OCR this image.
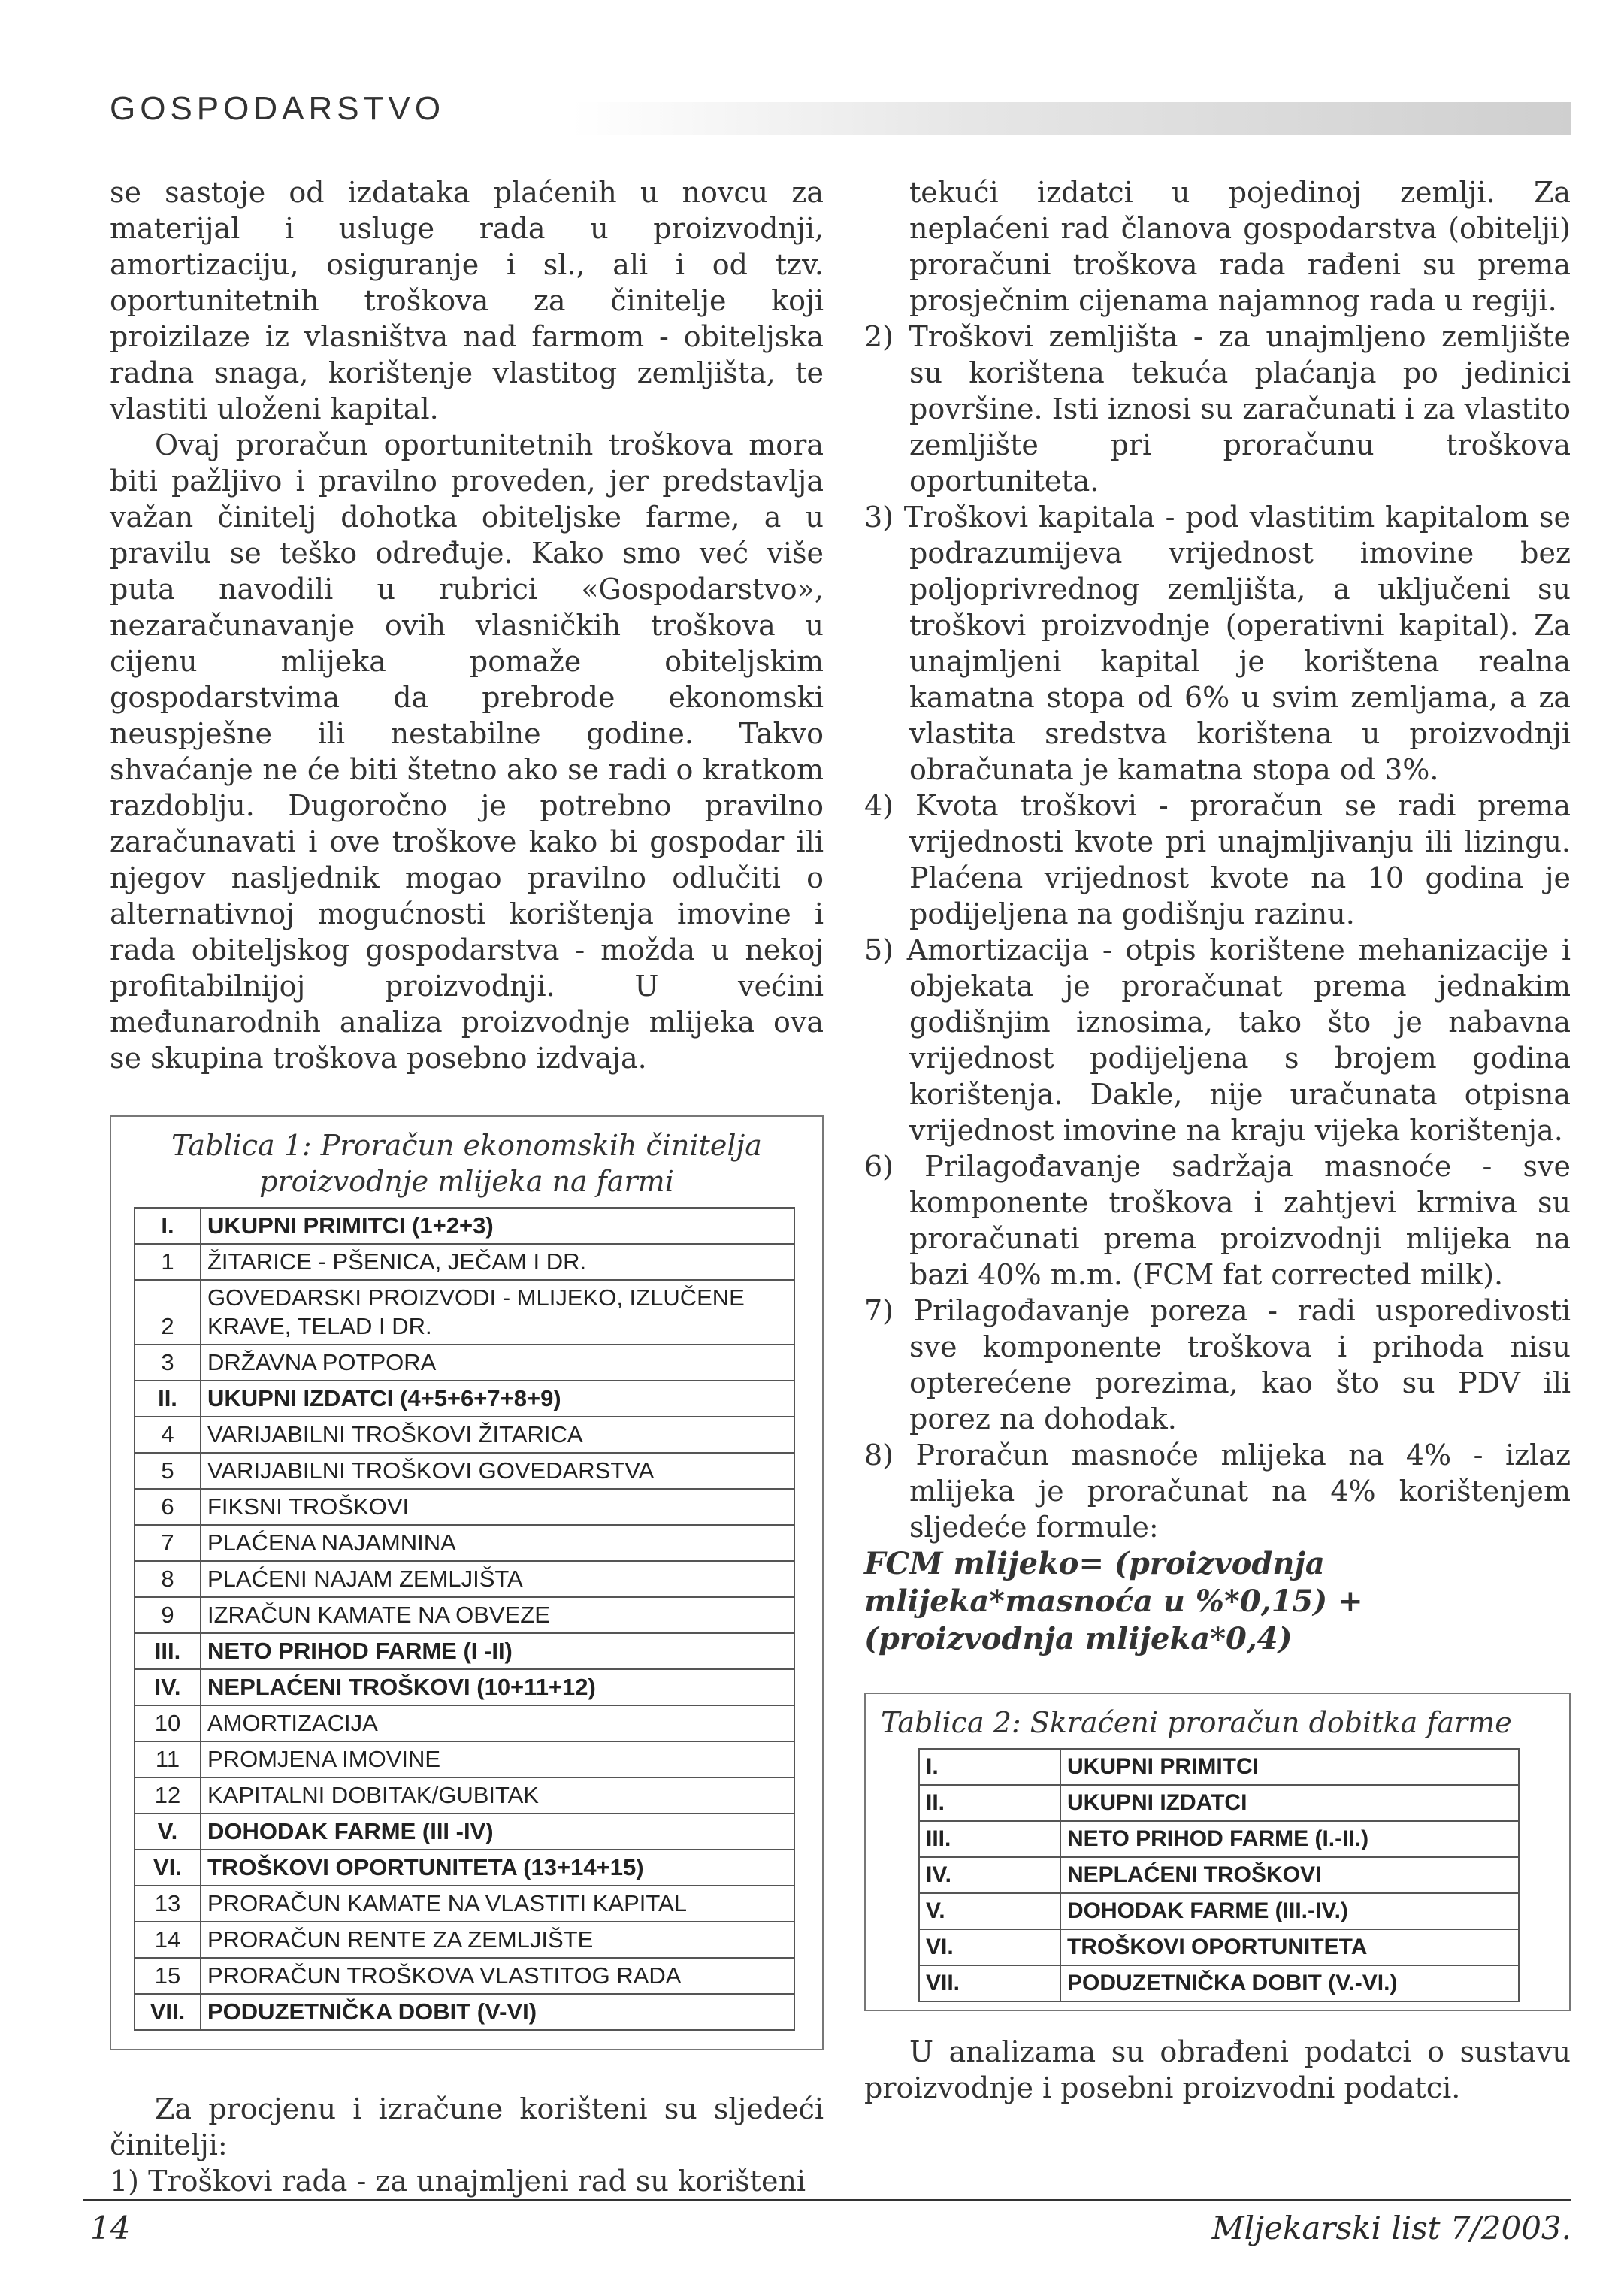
GOSPODARSTVO

se sastoje od izdataka plaćenih u novcu za materijal i usluge rada u proizvodnji, amortizaciju, osiguranje i sl., ali i od tzv. oportunitetnih troškova za činitelje koji proizilaze iz vlasništva nad farmom - obiteljska radna snaga, korištenje vlastitog zemljišta, te vlastiti uloženi kapital.

Ovaj proračun oportunitetnih troškova mora biti pažljivo i pravilno proveden, jer predstavlja važan činitelj dohotka obiteljske farme, a u pravilu se teško određuje. Kako smo već više puta navodili u rubrici «Gospodarstvo», nezaračunavanje ovih vlasničkih troškova u cijenu mlijeka pomaže obiteljskim gospodarstvima da prebrode ekonomski neuspješne ili nestabilne godine. Takvo shvaćanje ne će biti štetno ako se radi o kratkom razdoblju. Dugoročno je potrebno pravilno zaračunavati i ove troškove kako bi gospodar ili njegov nasljednik mogao pravilno odlučiti o alternativnoj mogućnosti korištenja imovine i rada obiteljskog gospodarstva - možda u nekoj profitabilnijoj proizvodnji. U većini međunarodnih analiza proizvodnje mlijeka ova se skupina troškova posebno izdvaja.

Tablica 1: Proračun ekonomskih činitelja proizvodnje mlijeka na farmi
I.	UKUPNI PRIMITCI (1+2+3)
1	ŽITARICE - PŠENICA, JEČAM I DR.
2	GOVEDARSKI PROIZVODI - MLIJEKO, IZLUČENE KRAVE, TELAD I DR.
3	DRŽAVNA POTPORA
II.	UKUPNI IZDATCI (4+5+6+7+8+9)
4	VARIJABILNI TROŠKOVI ŽITARICA
5	VARIJABILNI TROŠKOVI GOVEDARSTVA
6	FIKSNI TROŠKOVI
7	PLAĆENA NAJAMNINA
8	PLAĆENI NAJAM ZEMLJIŠTA
9	IZRAČUN KAMATE NA OBVEZE
III.	NETO PRIHOD FARME (I -II)
IV.	NEPLAĆENI TROŠKOVI (10+11+12)
10	AMORTIZACIJA
11	PROMJENA IMOVINE
12	KAPITALNI DOBITAK/GUBITAK
V.	DOHODAK FARME (III -IV)
VI.	TROŠKOVI OPORTUNITETA (13+14+15)
13	PRORAČUN KAMATE NA VLASTITI KAPITAL
14	PRORAČUN RENTE ZA ZEMLJIŠTE
15	PRORAČUN TROŠKOVA VLASTITOG RADA
VII.	PODUZETNIČKA DOBIT (V-VI)

Za procjenu i izračune korišteni su sljedeći činitelji:

1) Troškovi rada - za unajmljeni rad su korišteni

tekući izdatci u pojedinoj zemlji. Za neplaćeni rad članova gospodarstva (obitelji) proračuni troškova rada rađeni su prema prosječnim cijenama najamnog rada u regiji.

2) Troškovi zemljišta - za unajmljeno zemljište su korištena tekuća plaćanja po jedinici površine. Isti iznosi su zaračunati i za vlastito zemljište pri proračunu troškova oportuniteta.

3) Troškovi kapitala - pod vlastitim kapitalom se podrazumijeva vrijednost imovine bez poljoprivrednog zemljišta, a uključeni su troškovi proizvodnje (operativni kapital). Za unajmljeni kapital je korištena realna kamatna stopa od 6% u svim zemljama, a za vlastita sredstva korištena u proizvodnji obračunata je kamatna stopa od 3%.

4) Kvota troškovi - proračun se radi prema vrijednosti kvote pri unajmljivanju ili lizingu. Plaćena vrijednost kvote na 10 godina je podijeljena na godišnju razinu.

5) Amortizacija - otpis korištene mehanizacije i objekata je proračunat prema jednakim godišnjim iznosima, tako što je nabavna vrijednost podijeljena s brojem godina korištenja. Dakle, nije uračunata otpisna vrijednost imovine na kraju vijeka korištenja.

6) Prilagođavanje sadržaja masnoće - sve komponente troškova i zahtjevi krmiva su proračunati prema proizvodnji mlijeka na bazi 40% m.m. (FCM fat corrected milk).

7) Prilagođavanje poreza - radi usporedivosti sve komponente troškova i prihoda nisu opterećene porezima, kao što su PDV ili porez na dohodak.

8) Proračun masnoće mlijeka na 4% - izlaz mlijeka je proračunat na 4% korištenjem sljedeće formule:

FCM mlijeko= (proizvodnja mlijeka*masnoća u %*0,15) + (proizvodnja mlijeka*0,4)

Tablica 2: Skraćeni proračun dobitka farme
I.	UKUPNI PRIMITCI
II.	UKUPNI IZDATCI
III.	NETO PRIHOD FARME (I.-II.)
IV.	NEPLAĆENI TROŠKOVI
V.	DOHODAK FARME (III.-IV.)
VI.	TROŠKOVI OPORTUNITETA
VII.	PODUZETNIČKA DOBIT (V.-VI.)

U analizama su obrađeni podatci o sustavu proizvodnje i posebni proizvodni podatci.

14	Mljekarski list 7/2003.
